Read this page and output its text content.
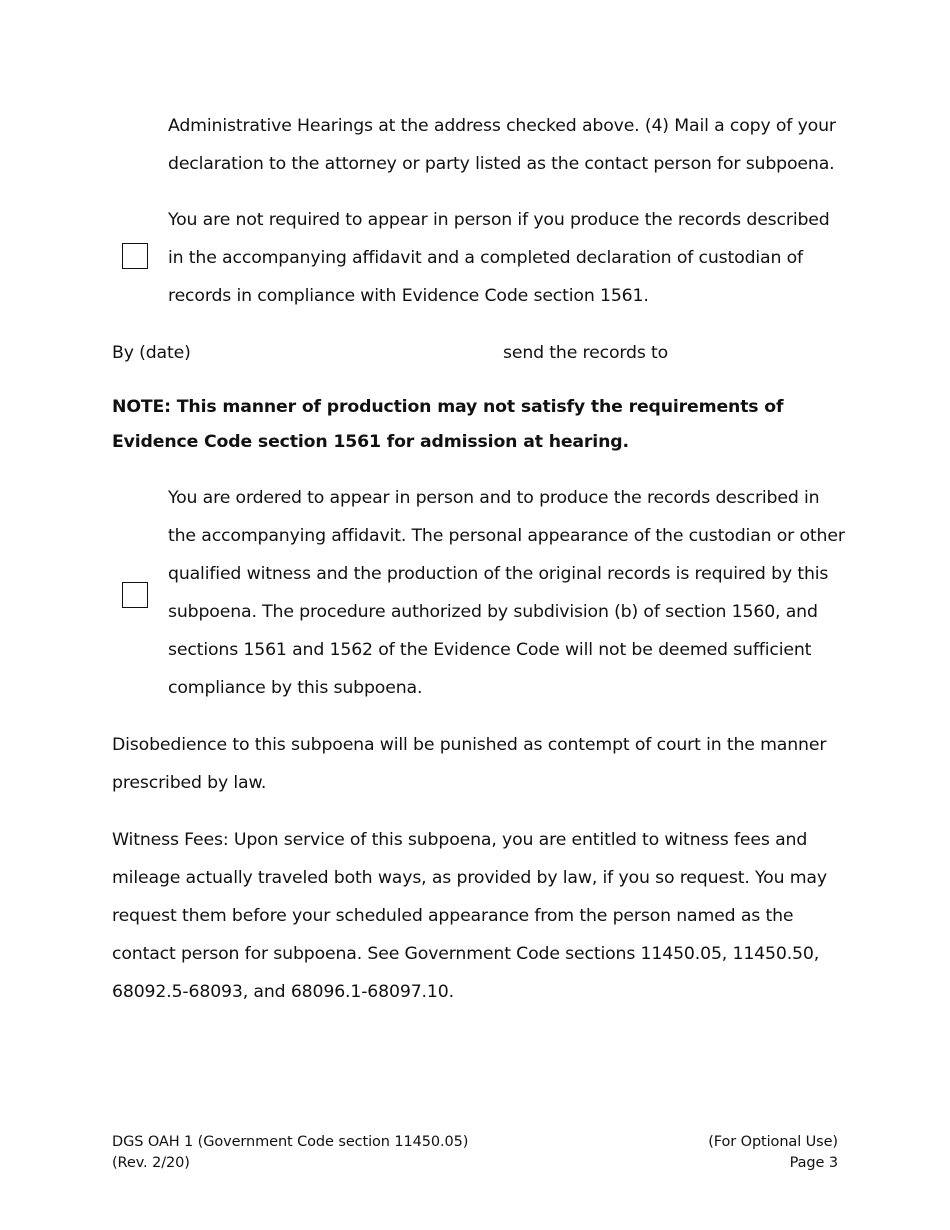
Administrative Hearings at the address checked above. (4) Mail a copy of your declaration to the attorney or party listed as the contact person for subpoena.

You are not required to appear in person if you produce the records described in the accompanying affidavit and a completed declaration of custodian of records in compliance with Evidence Code section 1561.

By (date)	send the records to

NOTE: This manner of production may not satisfy the requirements of Evidence Code section 1561 for admission at hearing.

You are ordered to appear in person and to produce the records described in the accompanying affidavit. The personal appearance of the custodian or other qualified witness and the production of the original records is required by this subpoena. The procedure authorized by subdivision (b) of section 1560, and sections 1561 and 1562 of the Evidence Code will not be deemed sufficient compliance by this subpoena.

Disobedience to this subpoena will be punished as contempt of court in the manner prescribed by law.

Witness Fees: Upon service of this subpoena, you are entitled to witness fees and mileage actually traveled both ways, as provided by law, if you so request. You may request them before your scheduled appearance from the person named as the contact person for subpoena. See Government Code sections 11450.05, 11450.50, 68092.5-68093, and 68096.1-68097.10.

DGS OAH 1 (Government Code section 11450.05)
(Rev. 2/20)
(For Optional Use)
Page 3
